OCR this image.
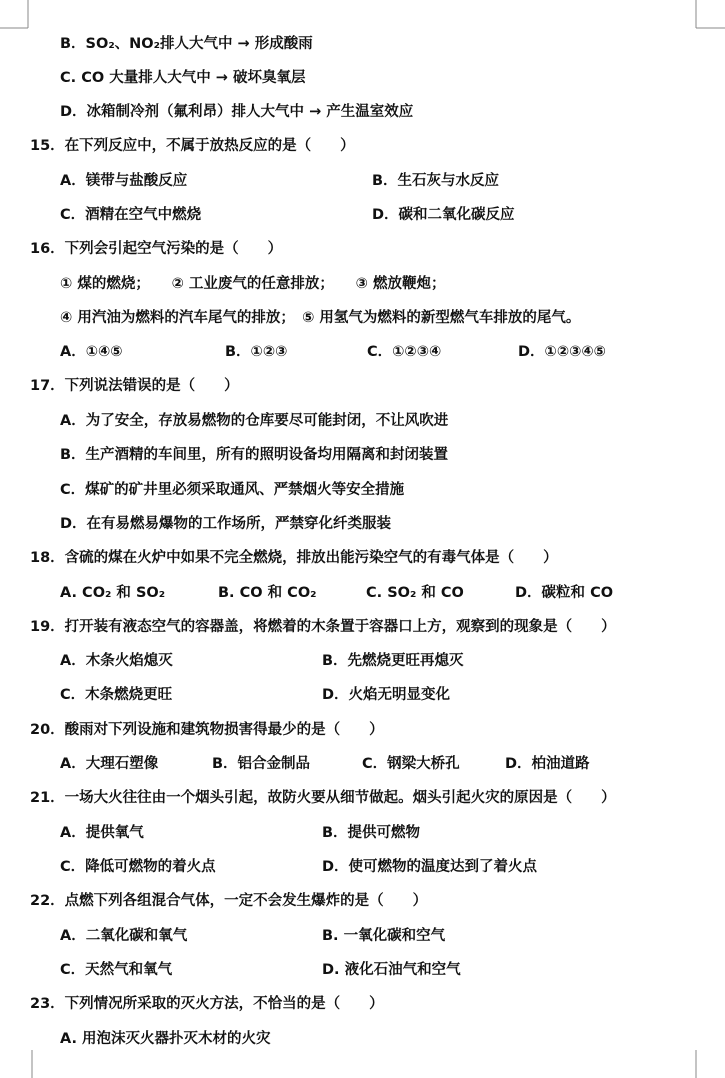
B．SO₂、NO₂排人大气中 → 形成酸雨
C. CO 大量排人大气中 → 破坏臭氧层
D．冰箱制冷剂（氟利昂）排人大气中 → 产生温室效应
15．在下列反应中，不属于放热反应的是（　　）
A．镁带与盐酸反应	B．生石灰与水反应
C．酒精在空气中燃烧	D．碳和二氧化碳反应
16．下列会引起空气污染的是（　　）
① 煤的燃烧；　　② 工业废气的任意排放；　　③ 燃放鞭炮；
④ 用汽油为燃料的汽车尾气的排放；　⑤ 用氢气为燃料的新型燃气车排放的尾气。
A．①④⑤	B．①②③	C．①②③④	D．①②③④⑤
17．下列说法错误的是（　　）
A．为了安全，存放易燃物的仓库要尽可能封闭，不让风吹进
B．生产酒精的车间里，所有的照明设备均用隔离和封闭装置
C．煤矿的矿井里必须采取通风、严禁烟火等安全措施
D．在有易燃易爆物的工作场所，严禁穿化纤类服装
18．含硫的煤在火炉中如果不完全燃烧，排放出能污染空气的有毒气体是（　　）
A. CO₂ 和 SO₂	B. CO 和 CO₂	C. SO₂ 和 CO	D．碳粒和 CO
19．打开装有液态空气的容器盖，将燃着的木条置于容器口上方，观察到的现象是（　　）
A．木条火焰熄灭	B．先燃烧更旺再熄灭
C．木条燃烧更旺	D．火焰无明显变化
20．酸雨对下列设施和建筑物损害得最少的是（　　）
A．大理石塑像	B．铝合金制品	C．钢梁大桥孔	D．柏油道路
21．一场大火往往由一个烟头引起，故防火要从细节做起。烟头引起火灾的原因是（　　）
A．提供氧气	B．提供可燃物
C．降低可燃物的着火点	D．使可燃物的温度达到了着火点
22．点燃下列各组混合气体，一定不会发生爆炸的是（　　）
A．二氧化碳和氧气	B. 一氧化碳和空气
C．天然气和氧气	D. 液化石油气和空气
23．下列情况所采取的灭火方法，不恰当的是（　　）
A. 用泡沫灭火器扑灭木材的火灾
